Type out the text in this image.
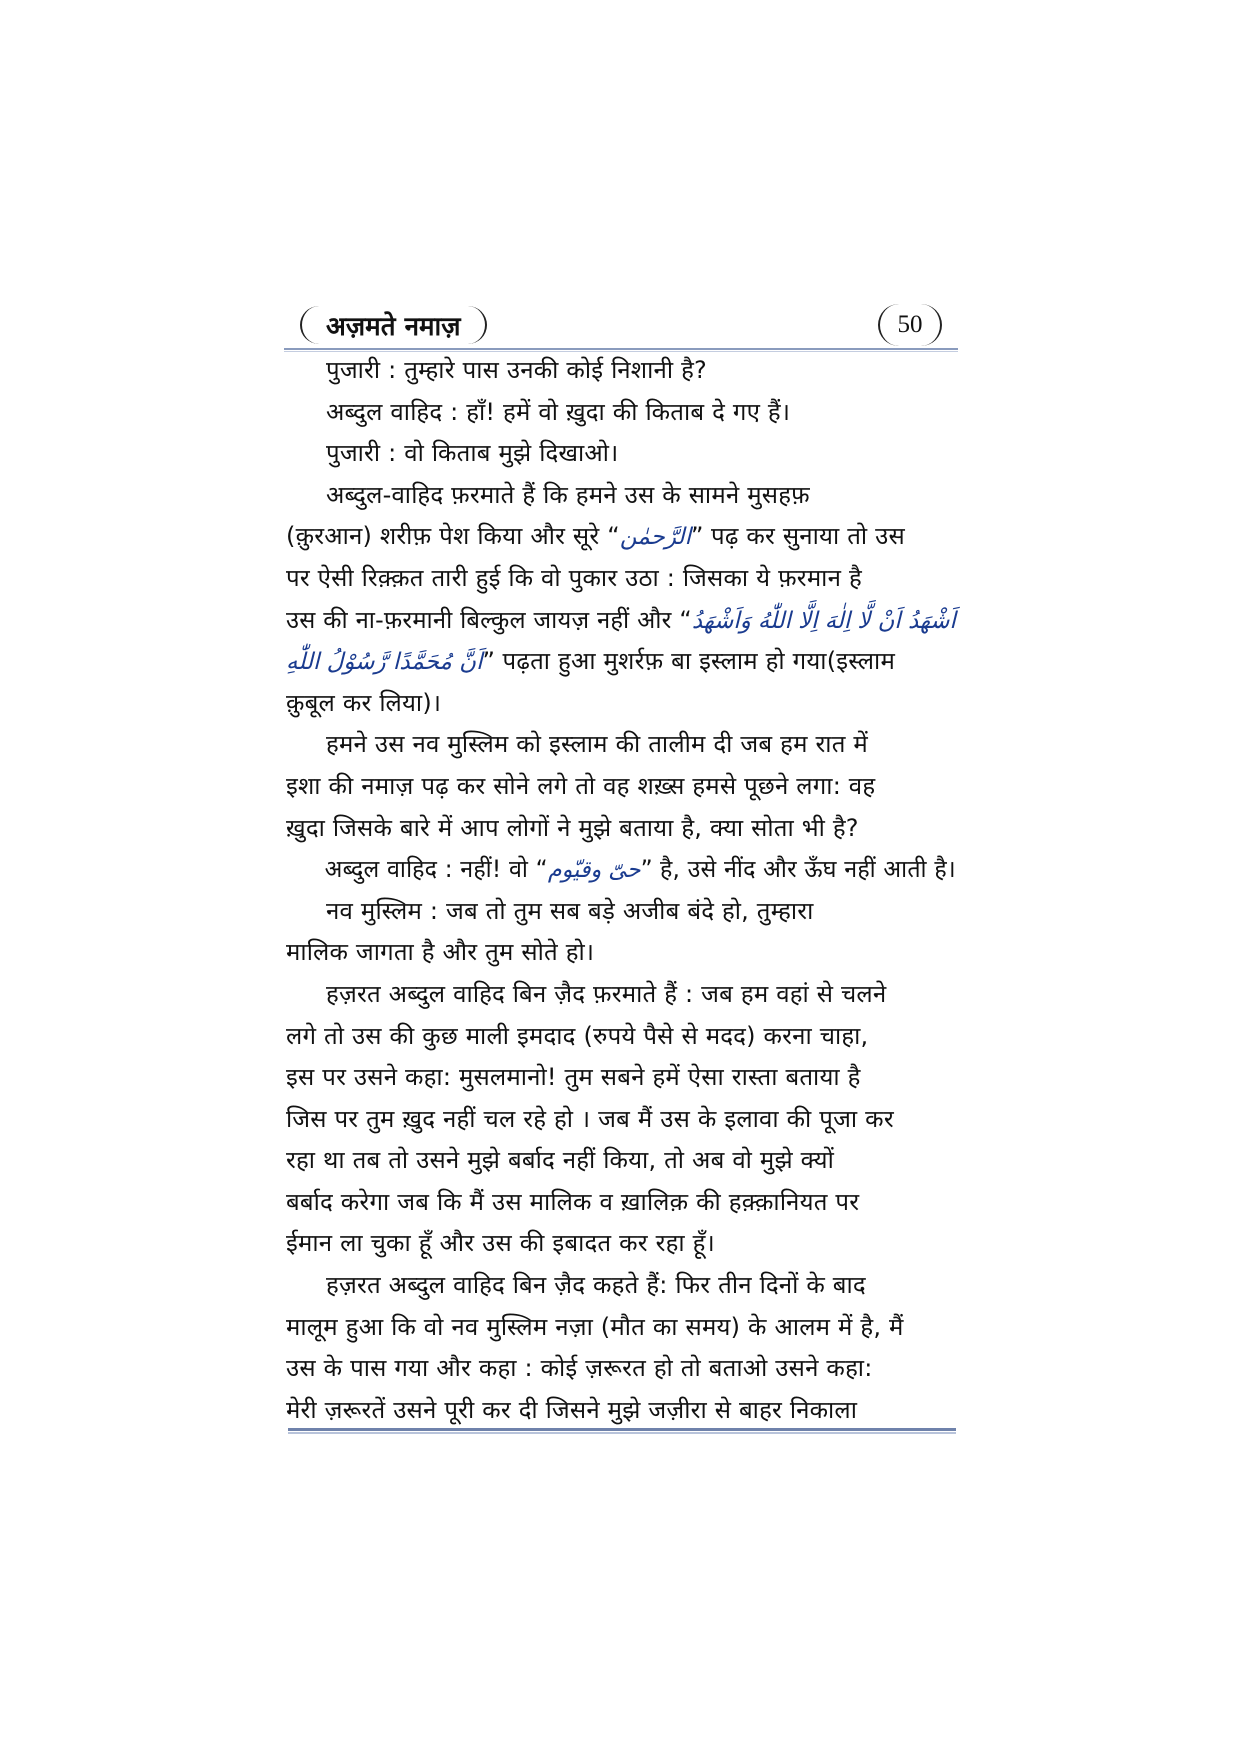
अज़मते नमाज़	50
पुजारी : तुम्हारे पास उनकी कोई निशानी है?
अब्दुल वाहिद : हाँ! हमें वो ख़ुदा की किताब दे गए हैं।
पुजारी : वो किताब मुझे दिखाओ।
अब्दुल-वाहिद फ़रमाते हैं कि हमने उस के सामने मुसहफ़
(क़ुरआन) शरीफ़ पेश किया और सूरे “الرَّحمٰن” पढ़ कर सुनाया तो उस
पर ऐसी रिक़्क़त तारी हुई कि वो पुकार उठा : जिसका ये फ़रमान है
उस की ना-फ़रमानी बिल्कुल जायज़ नहीं और “اَشْهَدُ اَنْ لَّا اِلٰهَ اِلَّا اللّٰهُ وَاَشْهَدُ
اَنَّ مُحَمَّدًا رَّسُوْلُ اللّٰهِ” पढ़ता हुआ मुशर्रफ़ बा इस्लाम हो गया(इस्लाम
क़ुबूल कर लिया)।
हमने उस नव मुस्लिम को इस्लाम की तालीम दी जब हम रात में
इशा की नमाज़ पढ़ कर सोने लगे तो वह शख़्स हमसे पूछने लगा: वह
ख़ुदा जिसके बारे में आप लोगों ने मुझे बताया है, क्या सोता भी है?
अब्दुल वाहिद : नहीं! वो “حیّ وقیّوم” है, उसे नींद और ऊँघ नहीं आती है।
नव मुस्लिम : जब तो तुम सब बड़े अजीब बंदे हो, तुम्हारा
मालिक जागता है और तुम सोते हो।
हज़रत अब्दुल वाहिद बिन ज़ैद फ़रमाते हैं : जब हम वहां से चलने
लगे तो उस की कुछ माली इमदाद (रुपये पैसे से मदद) करना चाहा,
इस पर उसने कहा: मुसलमानो! तुम सबने हमें ऐसा रास्ता बताया है
जिस पर तुम ख़ुद नहीं चल रहे हो । जब मैं उस के इलावा की पूजा कर
रहा था तब तो उसने मुझे बर्बाद नहीं किया, तो अब वो मुझे क्यों
बर्बाद करेगा जब कि मैं उस मालिक व ख़ालिक़ की हक़्क़ानियत पर
ईमान ला चुका हूँ और उस की इबादत कर रहा हूँ।
हज़रत अब्दुल वाहिद बिन ज़ैद कहते हैं: फिर तीन दिनों के बाद
मालूम हुआ कि वो नव मुस्लिम नज़ा (मौत का समय) के आलम में है, मैं
उस के पास गया और कहा : कोई ज़रूरत हो तो बताओ उसने कहा:
मेरी ज़रूरतें उसने पूरी कर दी जिसने मुझे जज़ीरा से बाहर निकाला
